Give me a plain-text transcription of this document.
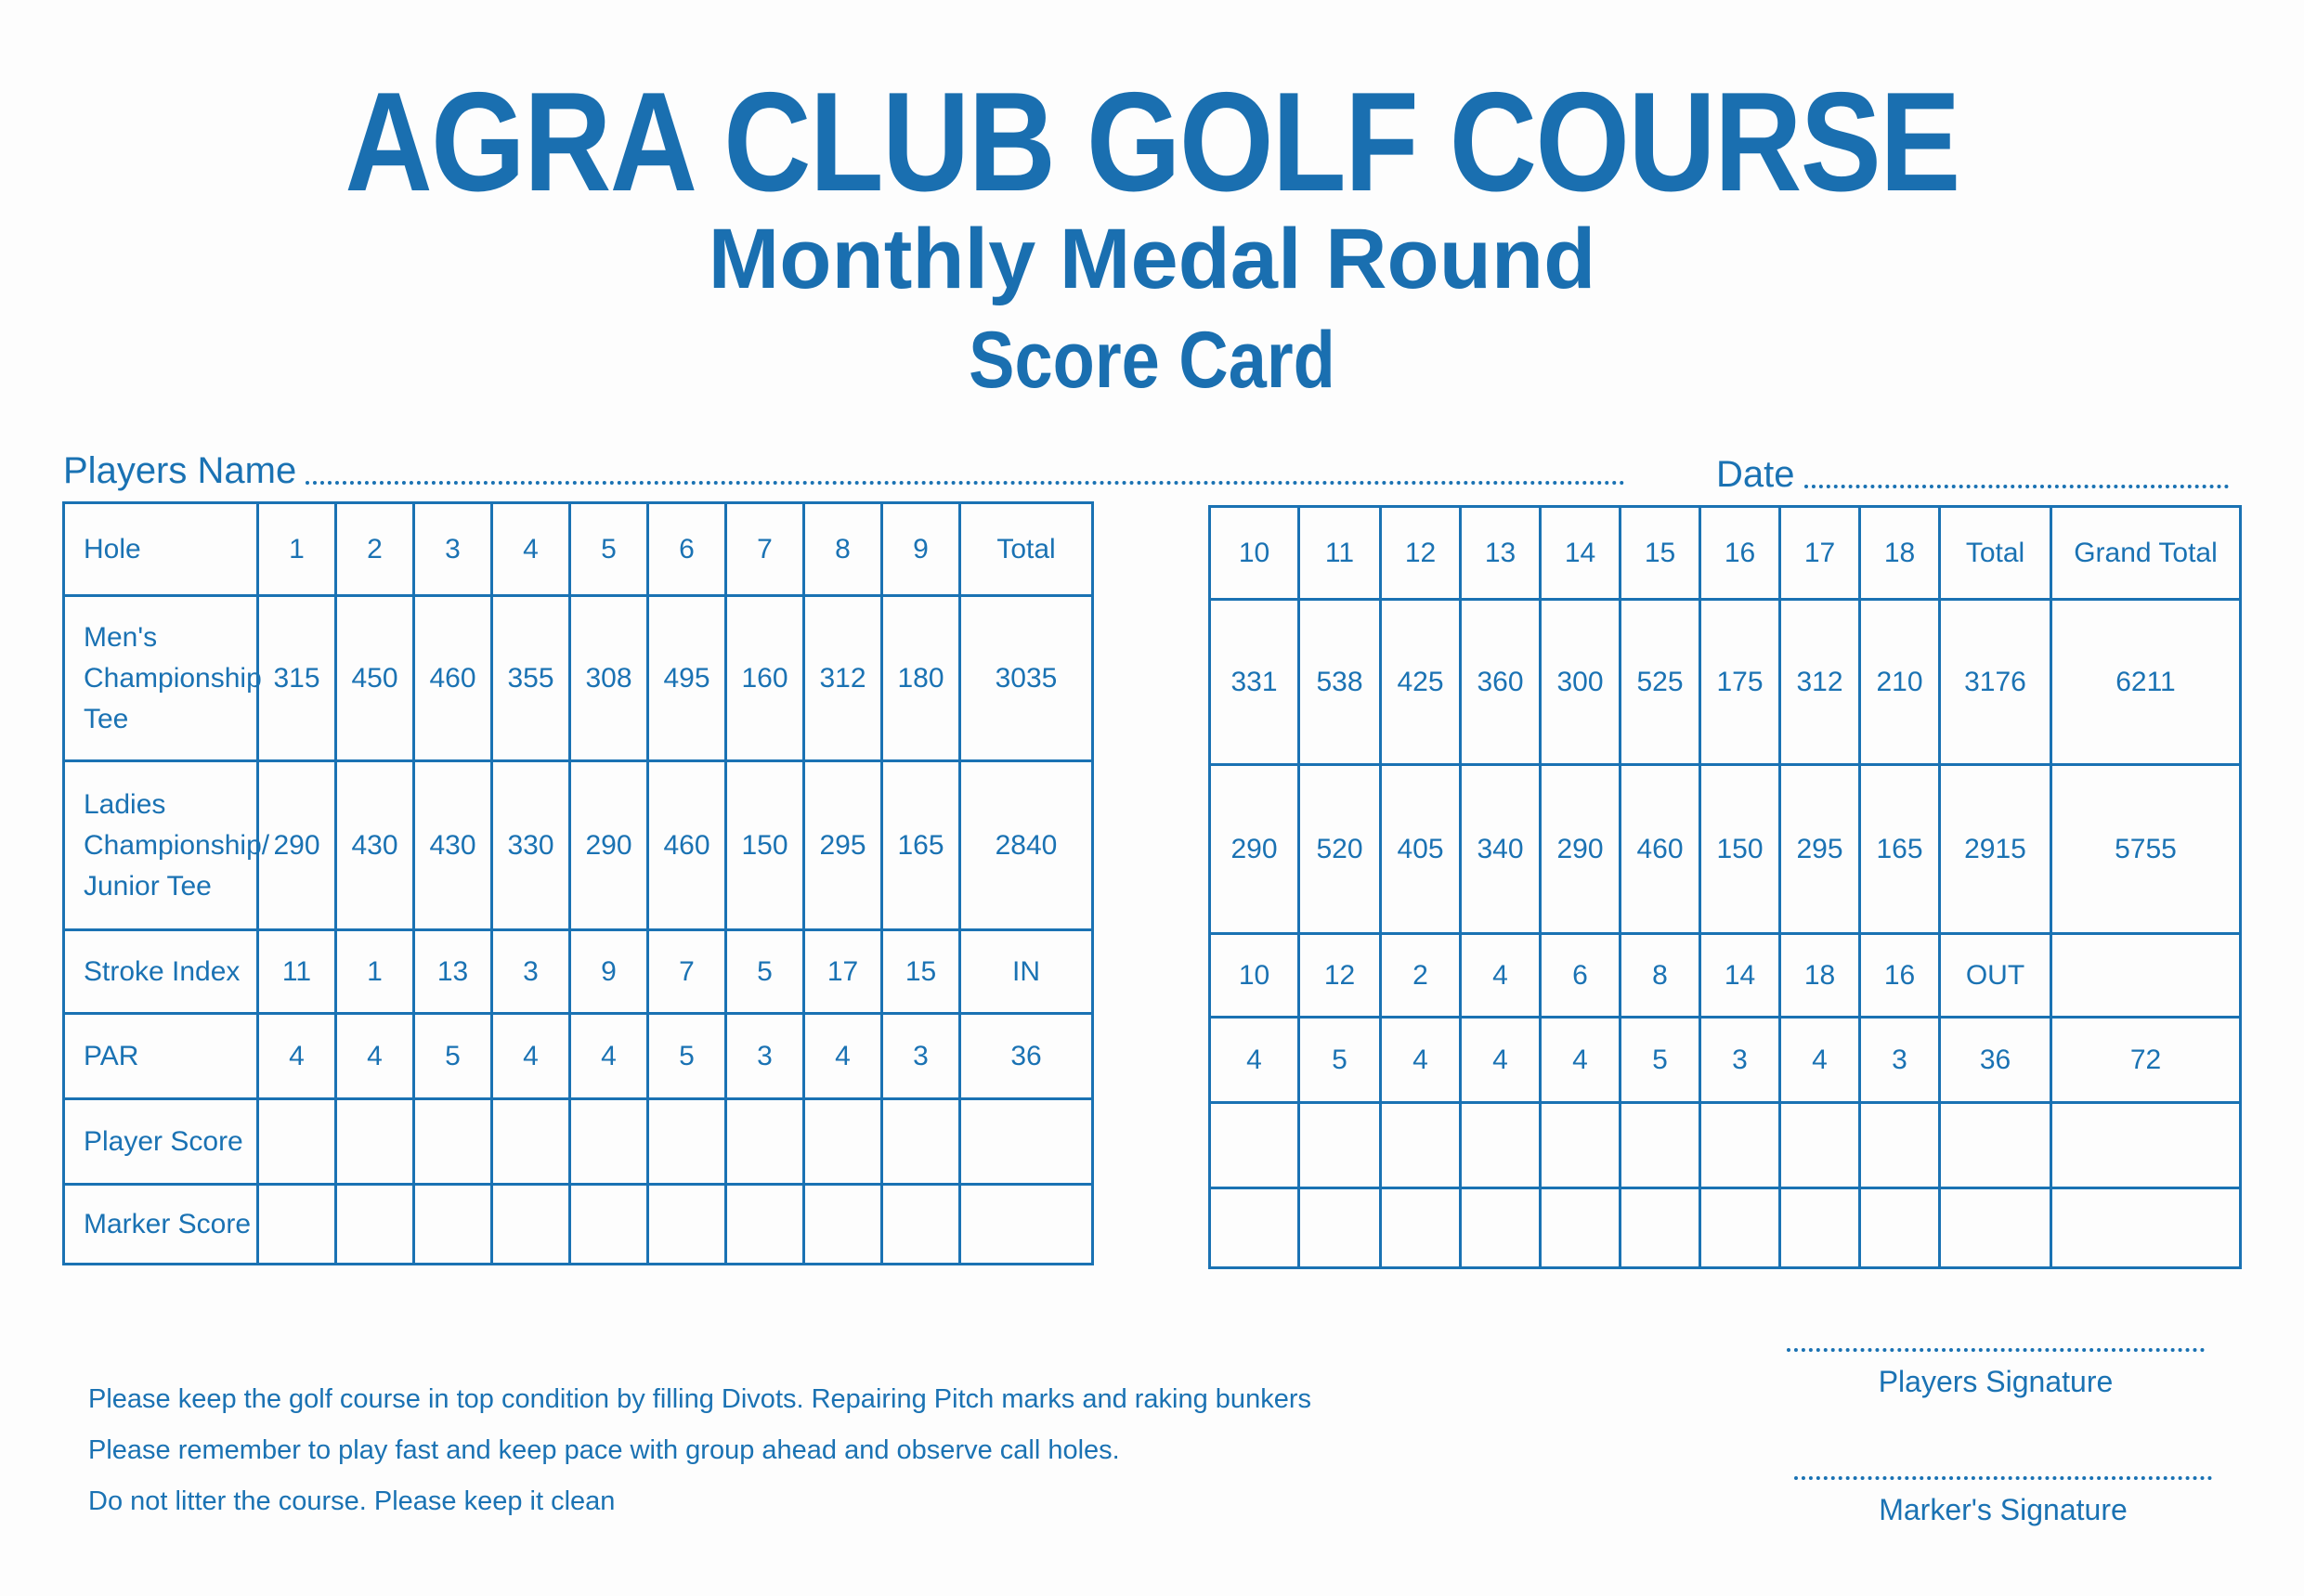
AGRA CLUB GOLF COURSE
Monthly Medal Round
Score Card
Players Name	Date
Hole	1	2	3	4	5	6	7	8	9	Total

Men's
Championship
Tee	315	450	460	355	308	495	160	312	180	3035

Ladies
Championship/
Junior Tee	290	430	430	330	290	460	150	295	165	2840
Stroke Index	11	1	13	3	9	7	5	17	15	IN
PAR	4	4	5	4	4	5	3	4	3	36
Player Score										
Marker Score										
10	11	12	13	14	15	16	17	18	Total	Grand Total
331	538	425	360	300	525	175	312	210	3176	6211
290	520	405	340	290	460	150	295	165	2915	5755
10	12	2	4	6	8	14	18	16	OUT	
4	5	4	4	4	5	3	4	3	36	72

Please keep the golf course in top condition by filling Divots. Repairing Pitch marks and raking bunkers
Please remember to play fast and keep pace with group ahead and observe call holes.
Do not litter the course. Please keep it clean
Players Signature
Marker's Signature
